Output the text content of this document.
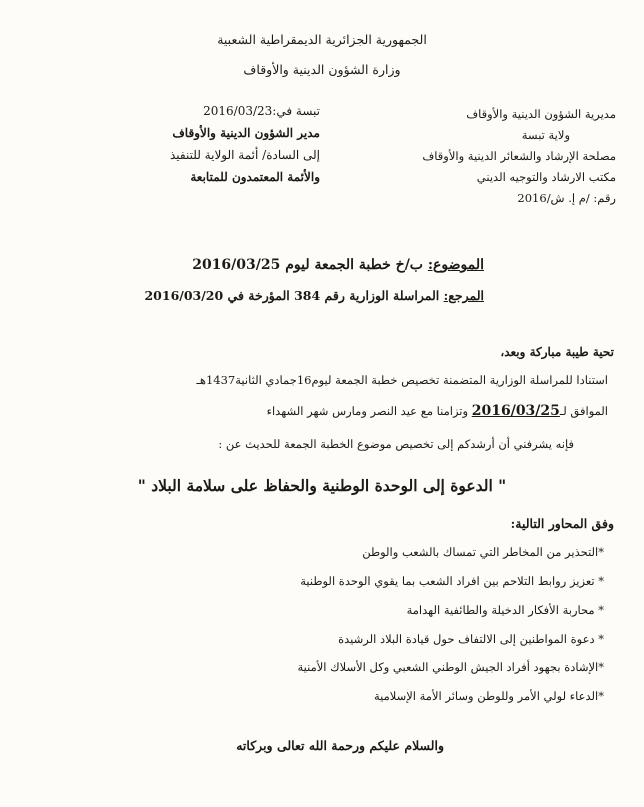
الجمهورية الجزائرية الديمقراطية الشعبية
وزارة الشؤون الدينية والأوقاف
مديرية الشؤون الدينية والأوقاف
ولاية تبسة
مصلحة الإرشاد والشعائر الدينية والأوقاف
مكتب الارشاد والتوجيه الديني
رقم: /م إ. ش/2016
تبسة في:2016/03/23
مدير الشؤون الدينية والأوقاف
إلى السادة/ أئمة الولاية للتنفيذ
والأئمة المعتمدون للمتابعة
الموضوع: ب/خ خطبة الجمعة ليوم 2016/03/25
المرجع: المراسلة الوزارية رقم 384 المؤرخة في 2016/03/20
تحية طيبة مباركة وبعد،
استنادا للمراسلة الوزارية المتضمنة تخصيص خطبة الجمعة ليوم16جمادي الثانية1437هـ
الموافق لـ2016/03/25 وتزامنا مع عيد النصر ومارس شهر الشهداء
فإنه يشرفني أن أرشدكم إلى تخصيص موضوع الخطبة الجمعة للحديث عن :
" الدعوة إلى الوحدة الوطنية والحفاظ على سلامة البلاد "
وفق المحاور التالية:
*التحذير من المخاطر التي تمساك بالشعب والوطن
* تعزيز روابط التلاحم بين افراد الشعب بما يقوي الوحدة الوطنية
* محاربة الأفكار الدخيلة والطائفية الهدامة
* دعوة المواطنين إلى الالتفاف حول قيادة البلاد الرشيدة
*الإشادة بجهود أفراد الجيش الوطني الشعبي وكل الأسلاك الأمنية
*الدعاء لولي الأمر وللوطن وسائر الأمة الإسلامية
والسلام عليكم ورحمة الله تعالى وبركاته
